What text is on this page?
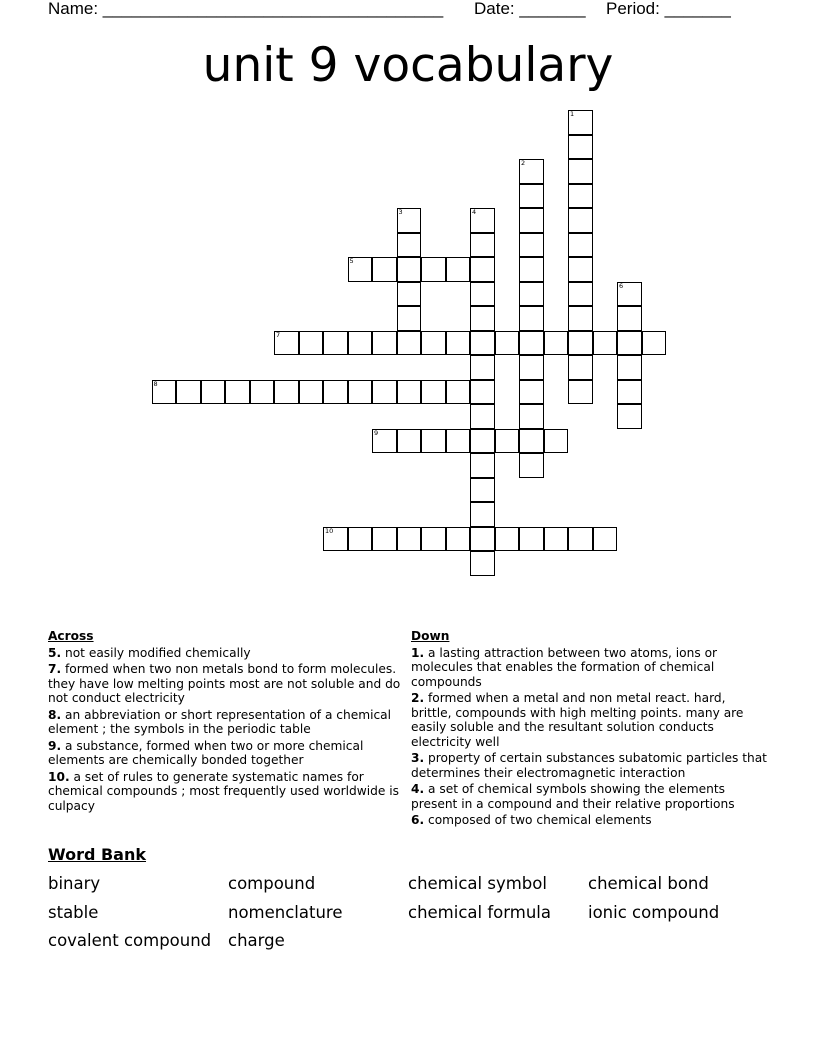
Name: ____________________________________ Date: _______ Period: _______
unit 9 vocabulary
1
2
3	4
5
6
7
8
9
10
Across
5. not easily modified chemically
7. formed when two non metals bond to form molecules. they have low melting points most are not soluble and do not conduct electricity
8. an abbreviation or short representation of a chemical element ; the symbols in the periodic table
9. a substance, formed when two or more chemical elements are chemically bonded together
10. a set of rules to generate systematic names for chemical compounds ; most frequently used worldwide is culpacy
Down
1. a lasting attraction between two atoms, ions or molecules that enables the formation of chemical compounds
2. formed when a metal and non metal react. hard, brittle, compounds with high melting points. many are easily soluble and the resultant solution conducts electricity well
3. property of certain substances subatomic particles that determines their electromagnetic interaction
4. a set of chemical symbols showing the elements present in a compound and their relative proportions
6. composed of two chemical elements
Word Bank
binary	compound	chemical symbol chemical bond
stable	nomenclature	chemical formula ionic compound
covalent compound charge
